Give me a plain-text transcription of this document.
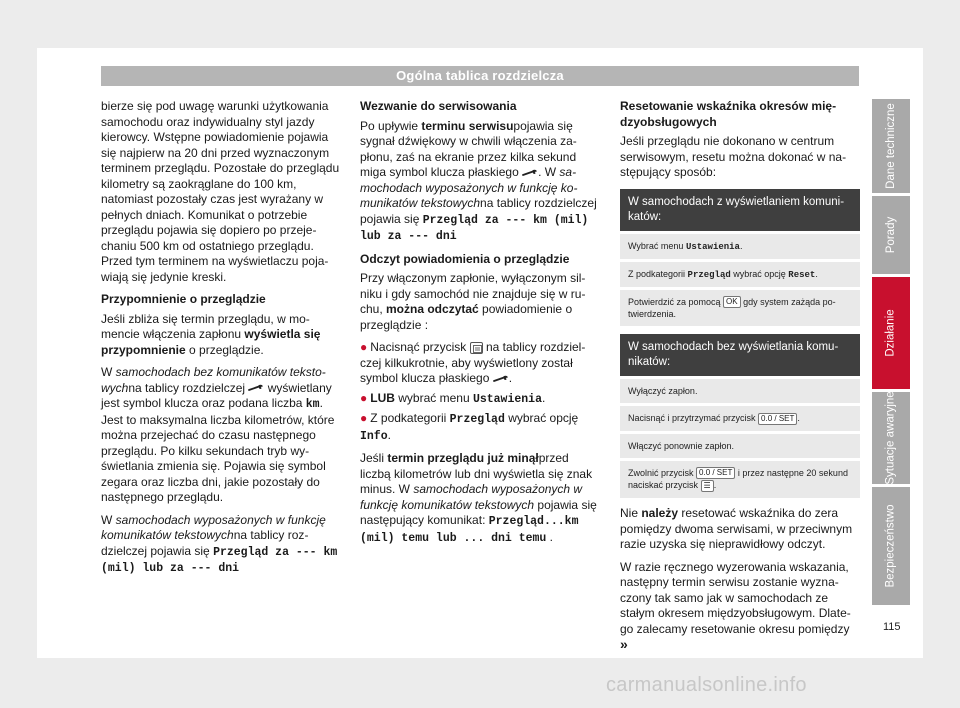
Ogólna tablica rozdzielcza

bierze się pod uwagę warunki użytkowania samochodu oraz indywidualny styl jazdy kierowcy. Wstępne powiadomienie pojawia się najpierw na 20 dni przed wyznaczonym terminem przeglądu. Pozostałe do przeglądu kilometry są zaokrąglane do 100 km, natomiast pozostały czas jest wyrażany w pełnych dniach. Komunikat o potrzebie przeglądu pojawia się dopiero po przejechaniu 500 km od ostatniego przeglądu. Przed tym terminem na wyświetlaczu pojawiają się jedynie kreski.

Przypomnienie o przeglądzie

Jeśli zbliża się termin przeglądu, w momencie włączenia zapłonu wyświetla się przypomnienie o przeglądzie.

W samochodach bez komunikatów tekstowychna tablicy rozdzielczej  wyświetlany jest symbol klucza oraz podana liczba km. Jest to maksymalna liczba kilometrów, które można przejechać do czasu następnego przeglądu. Po kilku sekundach tryb wyświetlania zmienia się. Pojawia się symbol zegara oraz liczba dni, jakie pozostały do następnego przeglądu.

W samochodach wyposażonych w funkcję komunikatów tekstowychna tablicy rozdzielczej pojawia się Przegląd za --- km (mil) lub za --- dni

Wezwanie do serwisowania

Po upływie terminu serwisupojawia się sygnał dźwiękowy w chwili włączenia zapłonu, zaś na ekranie przez kilka sekund miga symbol klucza płaskiego . W samochodach wyposażonych w funkcję komunikatów tekstowychna tablicy rozdzielczej pojawia się Przegląd za --- km (mil) lub za --- dni

Odczyt powiadomienia o przeglądzie

Przy włączonym zapłonie, wyłączonym silniku i gdy samochód nie znajduje się w ruchu, można odczytać powiadomienie o przeglądzie :

● Nacisnąć przycisk
na tablicy rozdzielczej kilkukrotnie, aby wyświetlony został symbol klucza płaskiego .

● LUB wybrać menu Ustawienia.

● Z podkategorii Przegląd wybrać opcję Info.

Jeśli termin przeglądu już minąłprzed liczbą kilometrów lub dni wyświetla się znak minus. W samochodach wyposażonych w funkcję komunikatów tekstowych pojawia się następujący komunikat: Przegląd...km (mil) temu lub ... dni temu .

Resetowanie wskaźnika okresów międzyobsługowych

Jeśli przeglądu nie dokonano w centrum serwisowym, resetu można dokonać w następujący sposób:

W samochodach z wyświetlaniem komunikatów:
Wybrać menu Ustawienia.
Z podkategorii Przegląd wybrać opcję Reset.
Potwierdzić za pomocą OK gdy system zażąda potwierdzenia.
W samochodach bez wyświetlania komunikatów:
Wyłączyć zapłon.
Nacisnąć i przytrzymać przycisk 0.0 / SET .
Włączyć ponownie zapłon.
Zwolnić przycisk 0.0 / SET i przez następne 20 sekund naciskać przycisk ☰ .

Nie należy resetować wskaźnika do zera pomiędzy dwoma serwisami, w przeciwnym razie uzyska się nieprawidłowy odczyt.

W razie ręcznego wyzerowania wskazania, następny termin serwisu zostanie wyznaczony tak samo jak w samochodach ze stałym okresem międzyobsługowym. Dlatego zalecamy resetowanie okresu pomiędzy »

Dane techniczne
Porady
Działanie
Sytuacje awaryjne
Bezpieczeństwo
115
carmanualsonline.info
